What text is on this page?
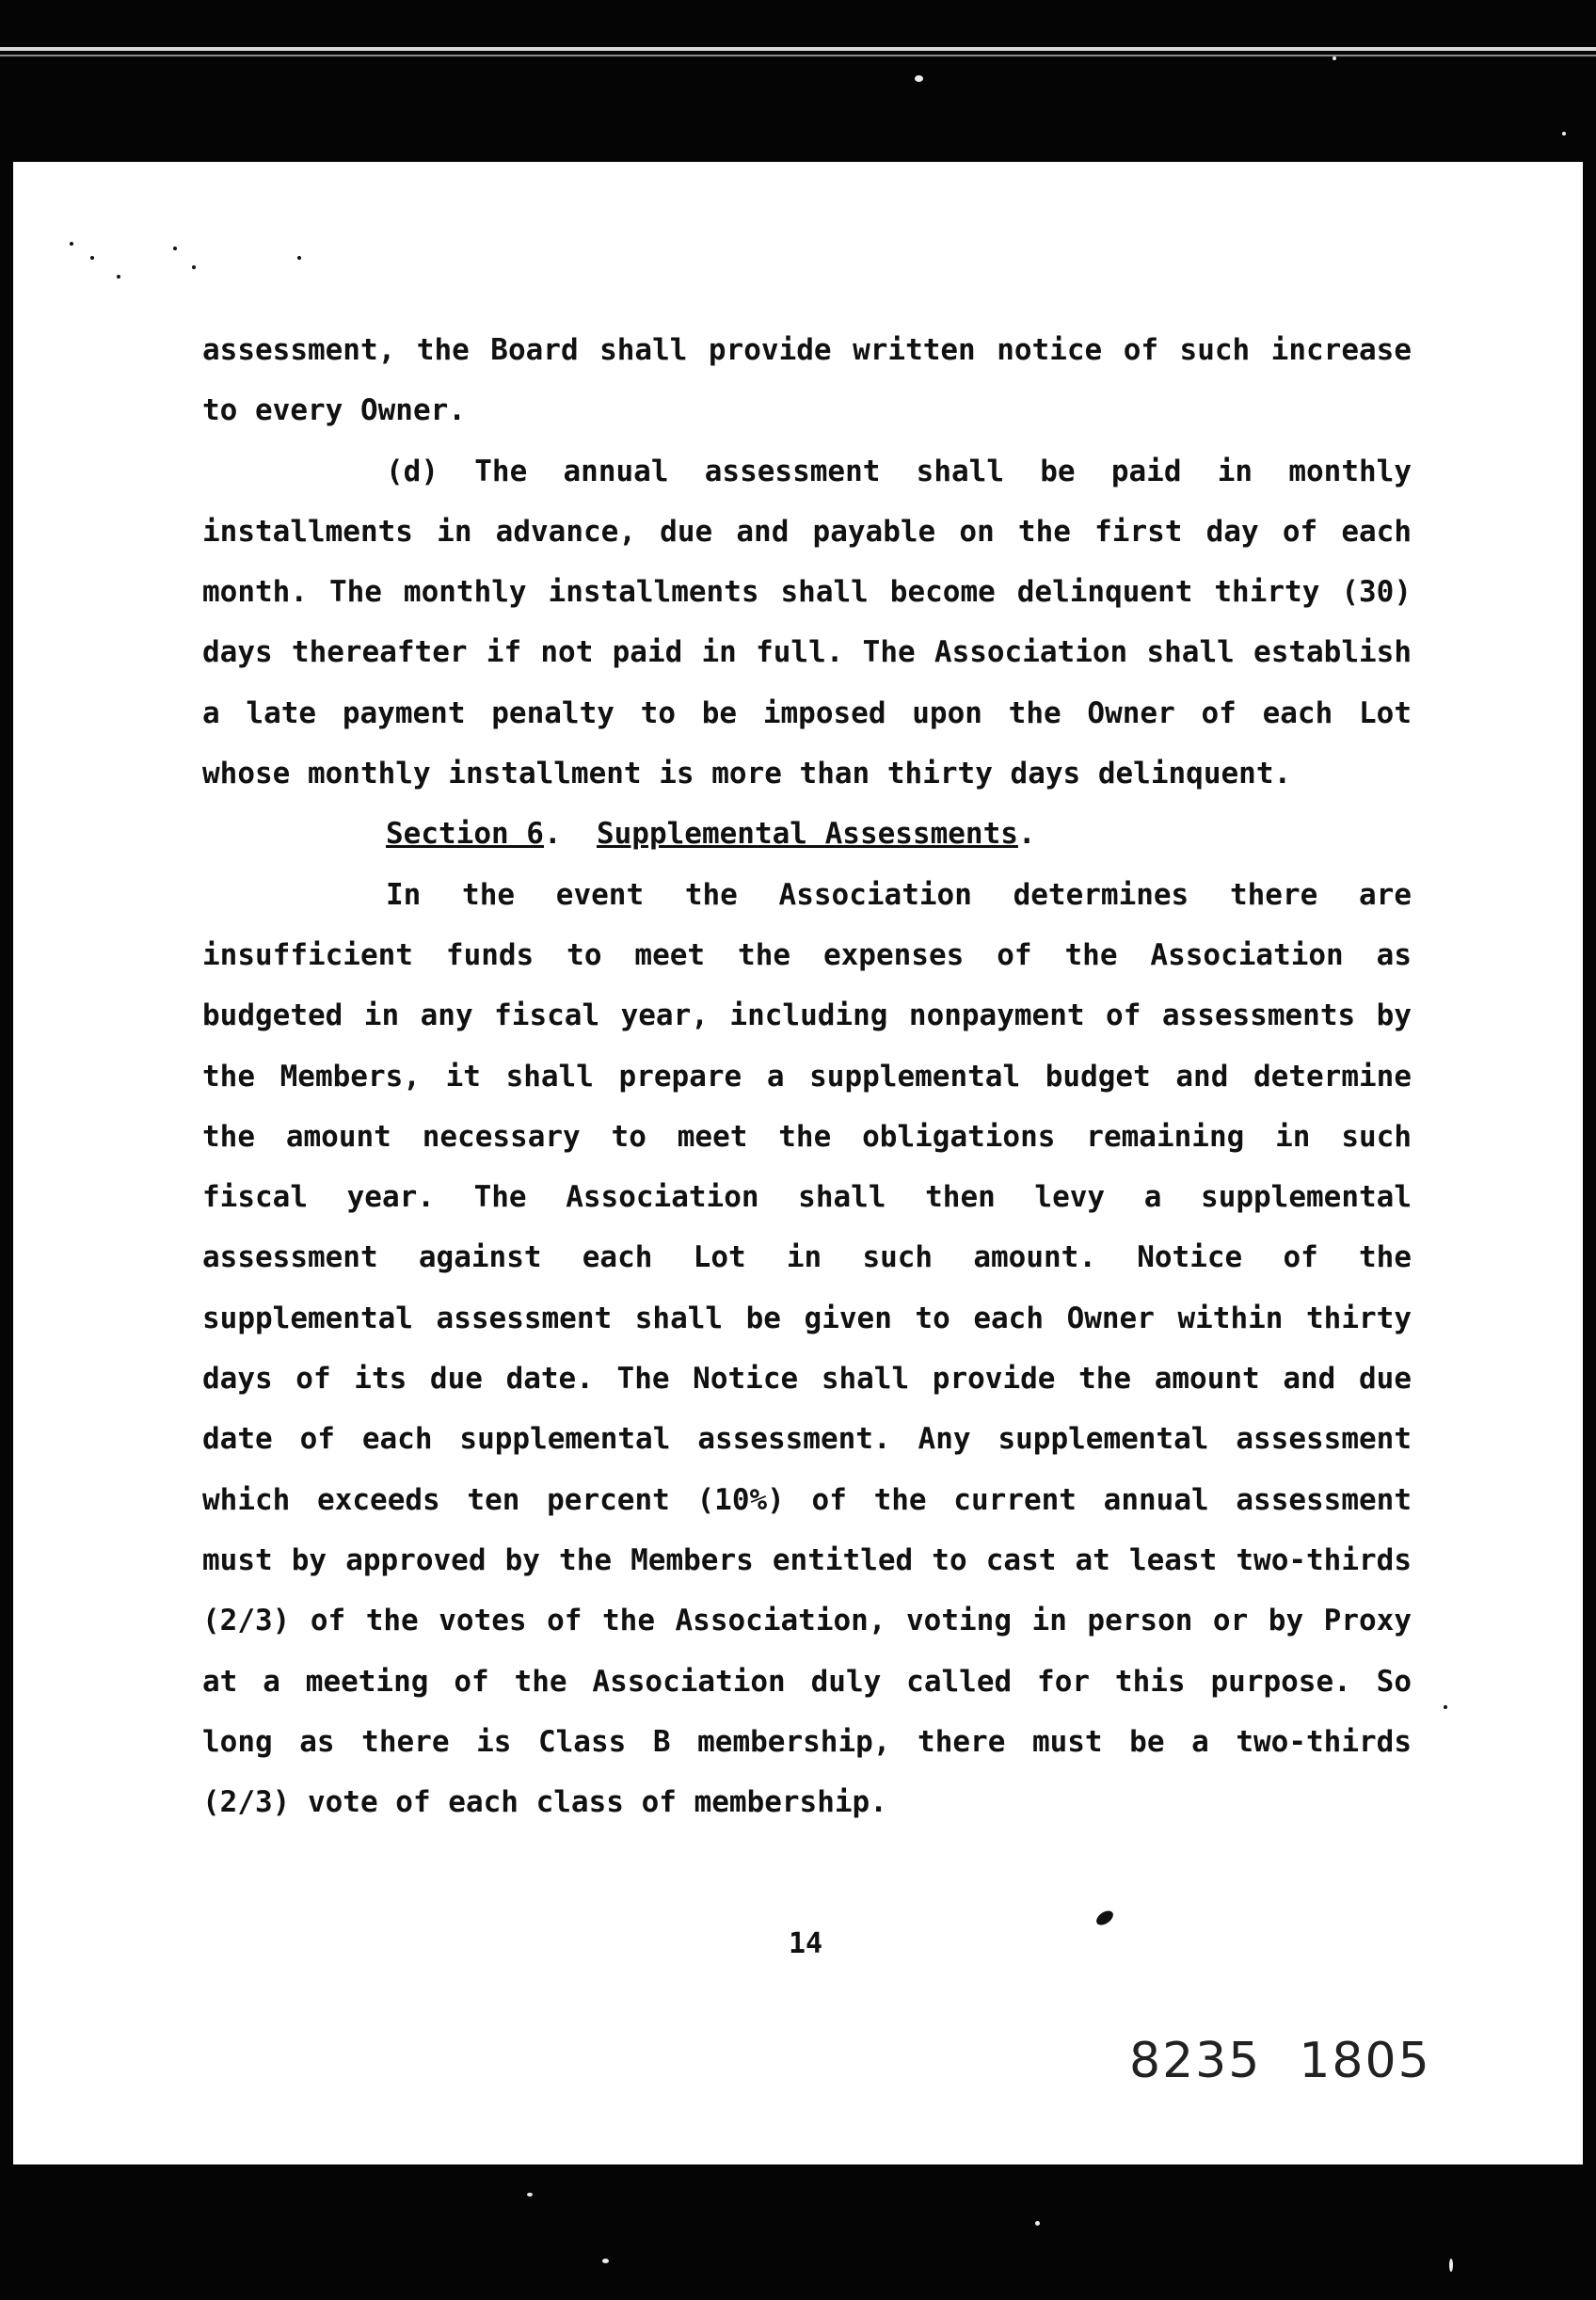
assessment, the Board shall provide written notice of such increase to every Owner.

(d) The annual assessment shall be paid in monthly installments in advance, due and payable on the first day of each month. The monthly installments shall become delinquent thirty (30) days thereafter if not paid in full. The Association shall establish a late payment penalty to be imposed upon the Owner of each Lot whose monthly installment is more than thirty days delinquent.

Section 6.  Supplemental Assessments.

In the event the Association determines there are insufficient funds to meet the expenses of the Association as budgeted in any fiscal year, including nonpayment of assessments by the Members, it shall prepare a supplemental budget and determine the amount necessary to meet the obligations remaining in such fiscal year. The Association shall then levy a supplemental assessment against each Lot in such amount. Notice of the supplemental assessment shall be given to each Owner within thirty days of its due date. The Notice shall provide the amount and due date of each supplemental assessment. Any supplemental assessment which exceeds ten percent (10%) of the current annual assessment must by approved by the Members entitled to cast at least two-thirds (2/3) of the votes of the Association, voting in person or by Proxy at a meeting of the Association duly called for this purpose. So long as there is Class B membership, there must be a two-thirds (2/3) vote of each class of membership.

14
8235 1805
